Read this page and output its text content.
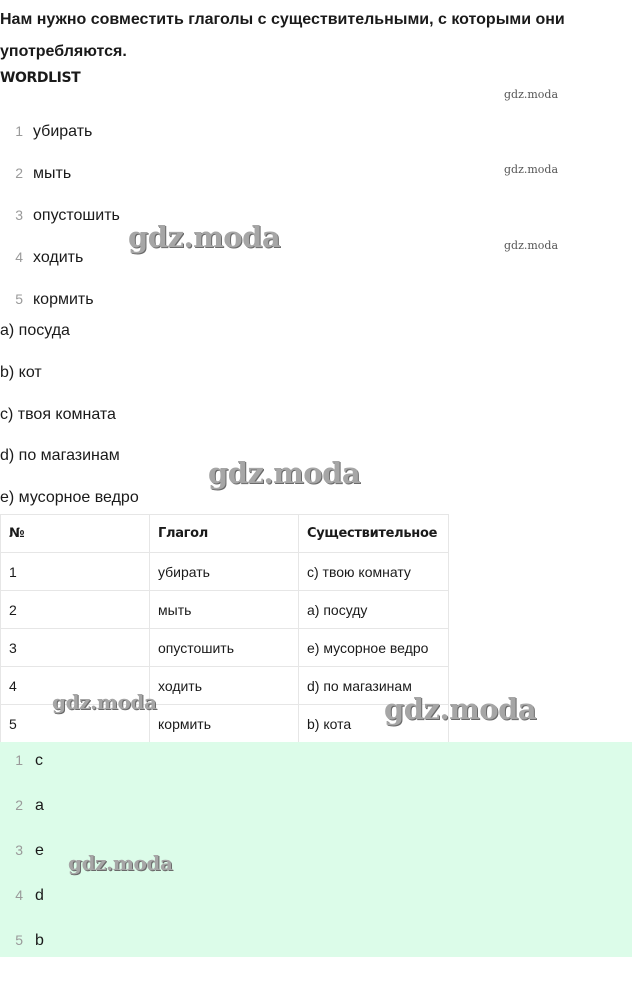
Нам нужно совместить глаголы с существительными, с которыми они употребляются.
WORDLIST
1 убирать
2 мыть
3 опустошить
4 ходить
5 кормить
a) посуда
b) кот
c) твоя комната
d) по магазинам
e) мусорное ведро
№	Глагол	Существительное
1	убирать	c) твою комнату
2	мыть	а) посуду
3	опустошить	e) мусорное ведро
4	ходить	d) по магазинам
5	кормить	b) кота
1 c
2 a
3 e
4 d
5 b
gdz.moda
gdz.moda
gdz.moda
gdz.moda
gdz.moda
gdz.moda	gdz.moda
gdz.moda
